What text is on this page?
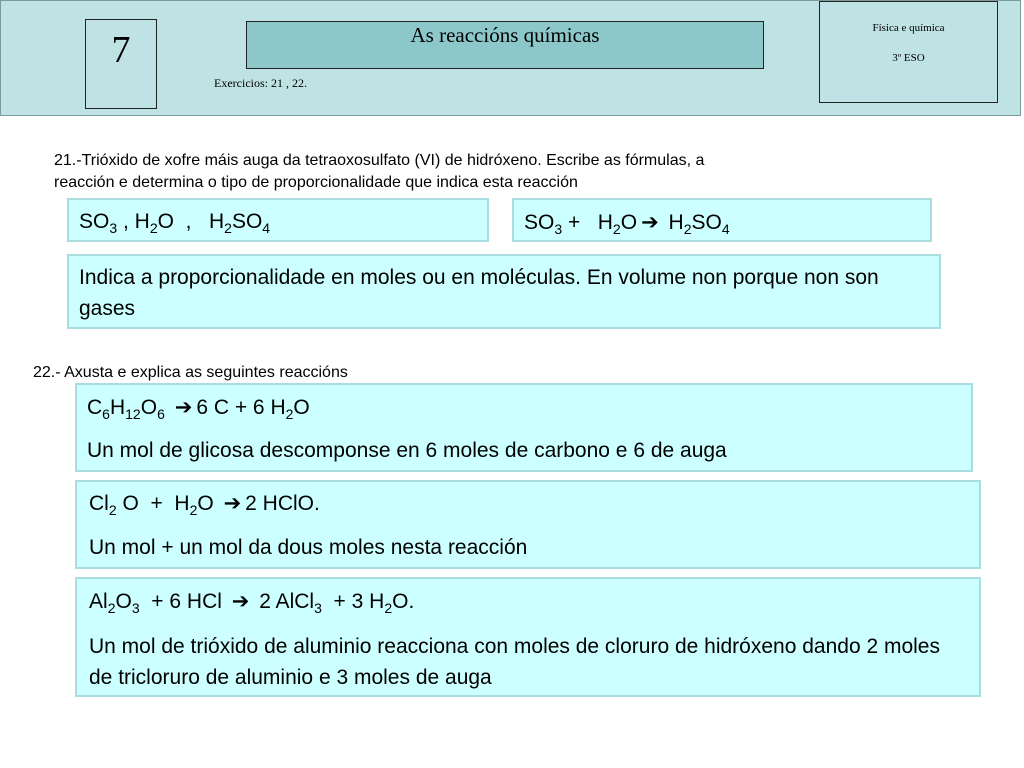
7	As reaccións químicas
Exercicios: 21 , 22.
Física e química
3º ESO
21.-Trióxido de xofre máis auga da tetraoxosulfato (VI) de hidróxeno. Escribe as fórmulas, a
reacción e determina o tipo de proporcionalidade que indica esta reacción
$SO_3$ , $H_2O$  ,   $H_2SO_4$	$SO_3 + H_2O$ ➔ $H_2SO_4$
Indica a proporcionalidade en moles ou en moléculas. En volume non porque non son gases
22.- Axusta e explica as seguintes reaccións
$C_6H_{12}O_6$ ➔ 6 C + 6 $H_2O$
Un mol de glicosa descomponse en 6 moles de carbono e 6 de auga
$Cl_2$ $O + H_2O$ ➔ 2 HClO.
Un mol + un mol da dous moles nesta reacción
$Al_2O_3 + 6$ HCl ➔ 2 AlCl$_3$  + 3 $H_2O$.
Un mol de trióxido de aluminio reacciona con moles de cloruro de hidróxeno dando 2 moles de tricloruro de aluminio e 3 moles de auga
